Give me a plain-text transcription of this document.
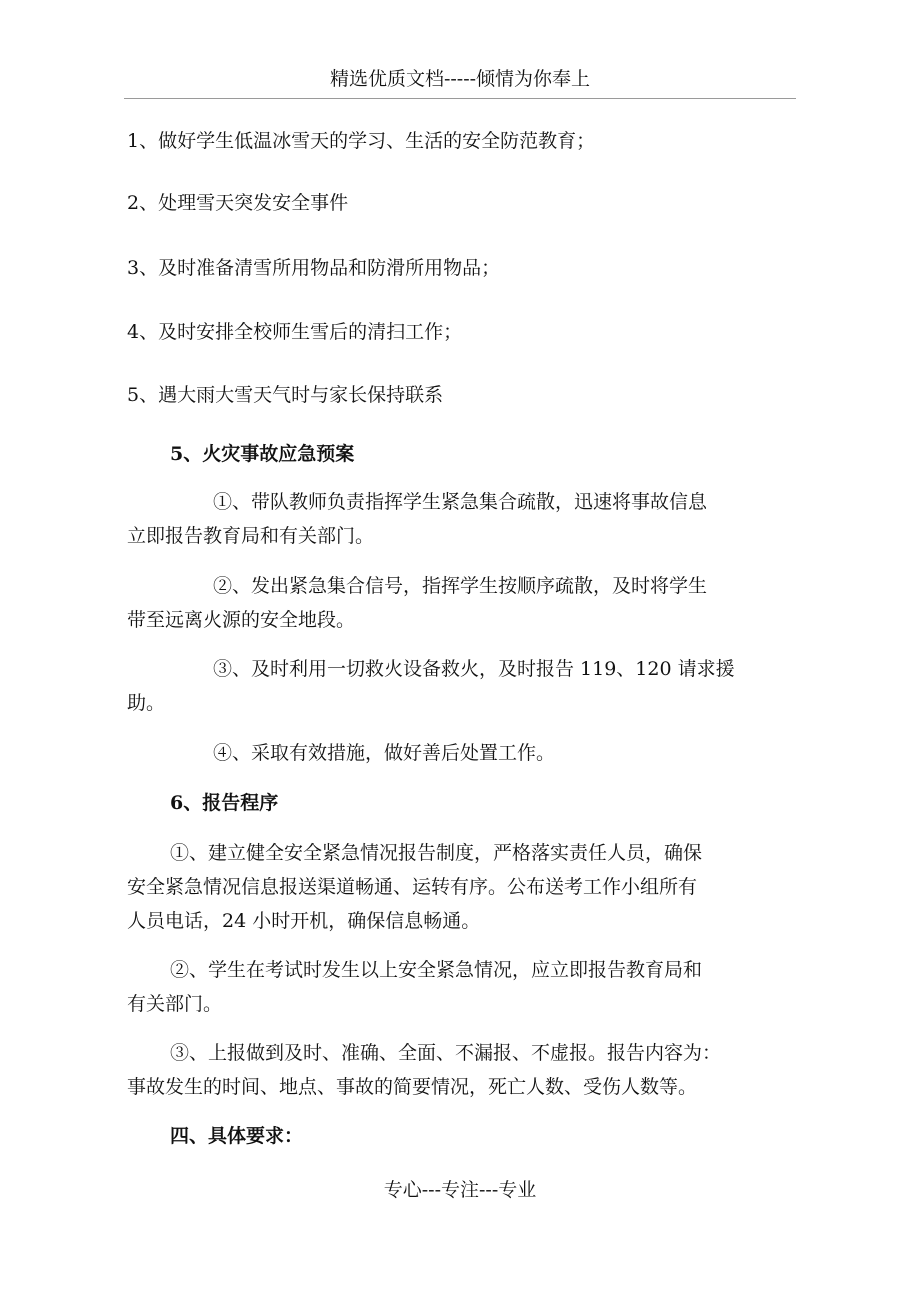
精选优质文档-----倾情为你奉上
1、做好学生低温冰雪天的学习、生活的安全防范教育；
2、处理雪天突发安全事件
3、及时准备清雪所用物品和防滑所用物品；
4、及时安排全校师生雪后的清扫工作；
5、遇大雨大雪天气时与家长保持联系
5、火灾事故应急预案
①、带队教师负责指挥学生紧急集合疏散，迅速将事故信息
立即报告教育局和有关部门。
②、发出紧急集合信号，指挥学生按顺序疏散，及时将学生
带至远离火源的安全地段。
③、及时利用一切救火设备救火，及时报告 119、120 请求援
助。
④、采取有效措施，做好善后处置工作。
6、报告程序
①、建立健全安全紧急情况报告制度，严格落实责任人员，确保
安全紧急情况信息报送渠道畅通、运转有序。公布送考工作小组所有
人员电话，24 小时开机，确保信息畅通。
②、学生在考试时发生以上安全紧急情况，应立即报告教育局和
有关部门。
③、上报做到及时、准确、全面、不漏报、不虚报。报告内容为：
事故发生的时间、地点、事故的简要情况，死亡人数、受伤人数等。
四、具体要求：
专心---专注---专业
